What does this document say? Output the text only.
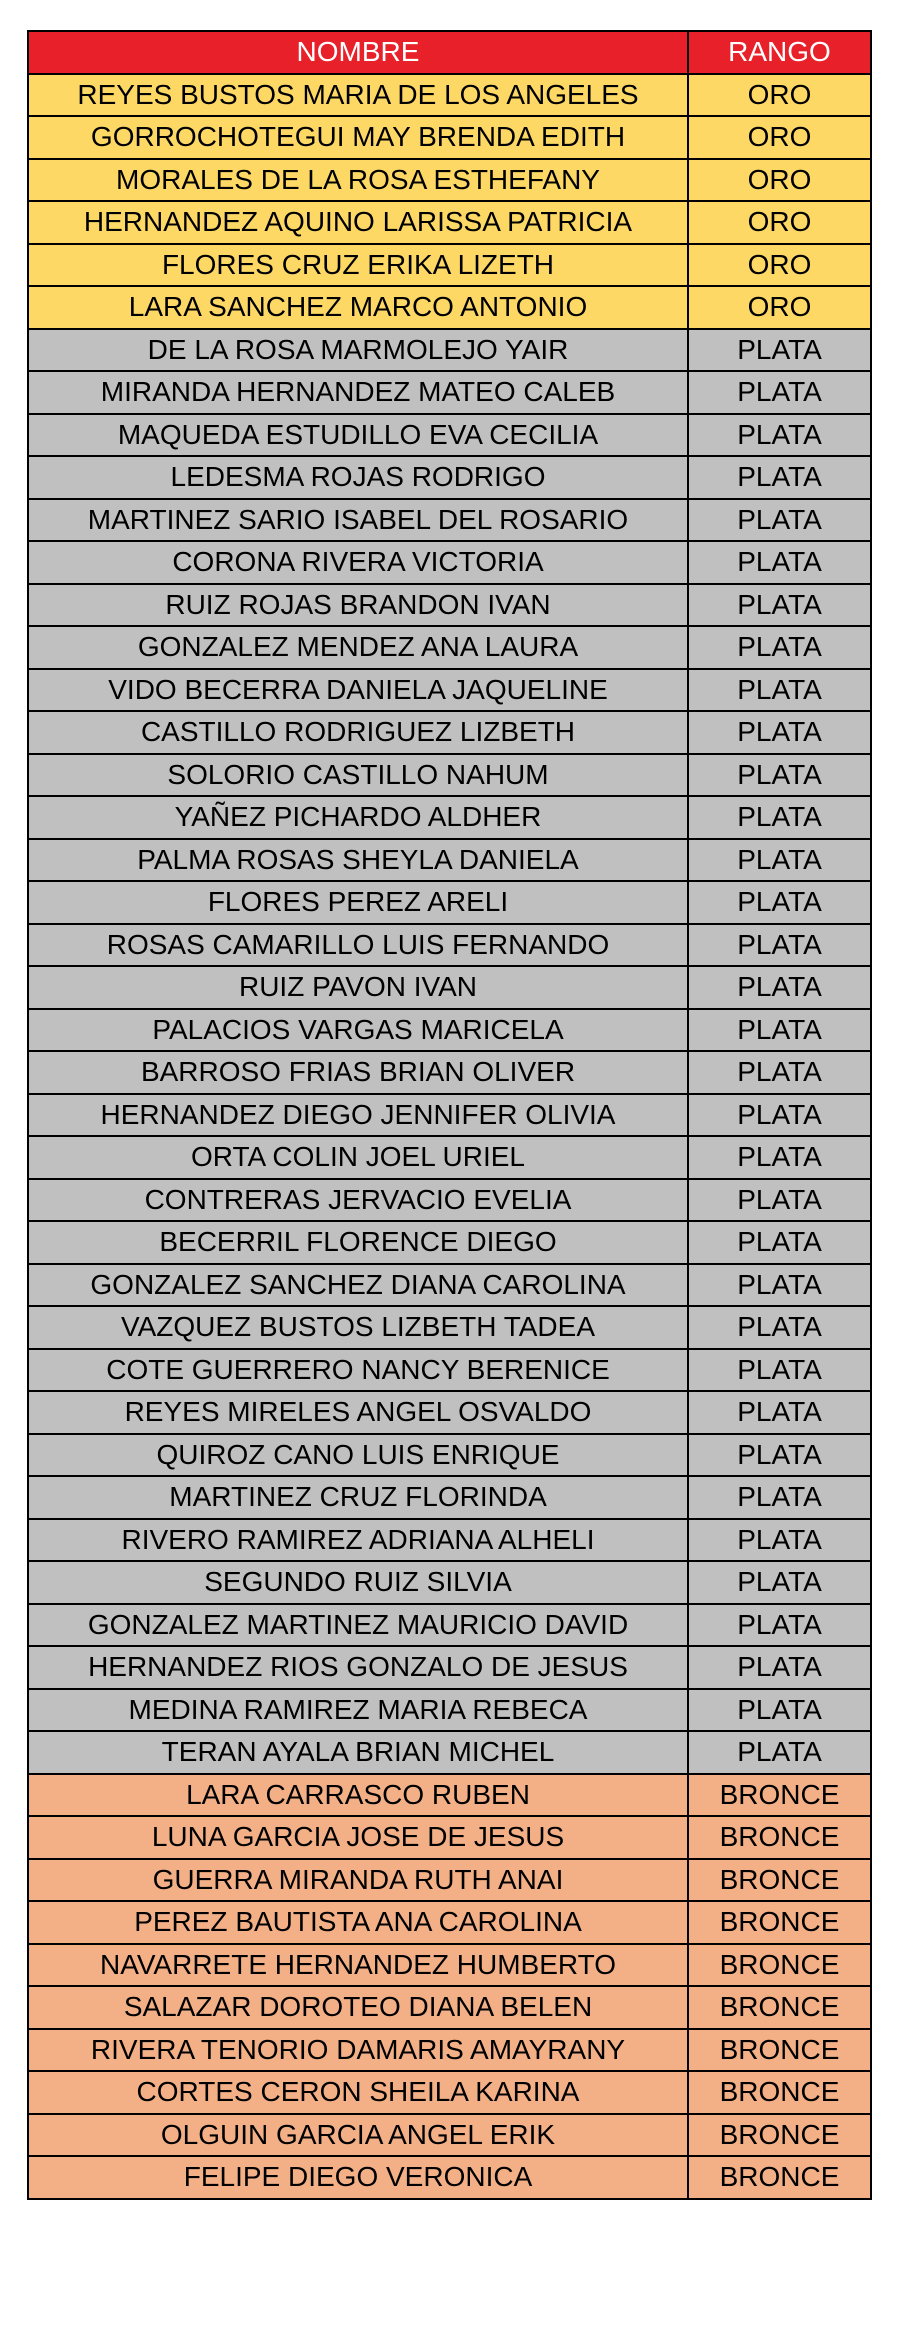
NOMBRE	RANGO
REYES BUSTOS MARIA DE LOS ANGELES	ORO
GORROCHOTEGUI MAY BRENDA EDITH	ORO
MORALES DE LA ROSA ESTHEFANY	ORO
HERNANDEZ AQUINO LARISSA PATRICIA	ORO
FLORES CRUZ ERIKA LIZETH	ORO
LARA SANCHEZ MARCO ANTONIO	ORO
DE LA ROSA MARMOLEJO YAIR	PLATA
MIRANDA HERNANDEZ MATEO CALEB	PLATA
MAQUEDA ESTUDILLO EVA CECILIA	PLATA
LEDESMA ROJAS RODRIGO	PLATA
MARTINEZ SARIO ISABEL DEL ROSARIO	PLATA
CORONA RIVERA VICTORIA	PLATA
RUIZ ROJAS BRANDON IVAN	PLATA
GONZALEZ MENDEZ ANA LAURA	PLATA
VIDO BECERRA DANIELA JAQUELINE	PLATA
CASTILLO RODRIGUEZ LIZBETH	PLATA
SOLORIO CASTILLO NAHUM	PLATA
YAÑEZ PICHARDO ALDHER	PLATA
PALMA ROSAS SHEYLA DANIELA	PLATA
FLORES PEREZ ARELI	PLATA
ROSAS CAMARILLO LUIS FERNANDO	PLATA
RUIZ PAVON IVAN	PLATA
PALACIOS VARGAS MARICELA	PLATA
BARROSO FRIAS BRIAN OLIVER	PLATA
HERNANDEZ DIEGO JENNIFER OLIVIA	PLATA
ORTA COLIN JOEL URIEL	PLATA
CONTRERAS JERVACIO EVELIA	PLATA
BECERRIL FLORENCE DIEGO	PLATA
GONZALEZ SANCHEZ DIANA CAROLINA	PLATA
VAZQUEZ BUSTOS LIZBETH TADEA	PLATA
COTE GUERRERO NANCY BERENICE	PLATA
REYES MIRELES ANGEL OSVALDO	PLATA
QUIROZ CANO LUIS ENRIQUE	PLATA
MARTINEZ CRUZ FLORINDA	PLATA
RIVERO RAMIREZ ADRIANA ALHELI	PLATA
SEGUNDO RUIZ SILVIA	PLATA
GONZALEZ MARTINEZ MAURICIO DAVID	PLATA
HERNANDEZ RIOS GONZALO DE JESUS	PLATA
MEDINA RAMIREZ MARIA REBECA	PLATA
TERAN AYALA BRIAN MICHEL	PLATA
LARA CARRASCO RUBEN	BRONCE
LUNA GARCIA JOSE DE JESUS	BRONCE
GUERRA MIRANDA RUTH ANAI	BRONCE
PEREZ BAUTISTA ANA CAROLINA	BRONCE
NAVARRETE HERNANDEZ HUMBERTO	BRONCE
SALAZAR DOROTEO DIANA BELEN	BRONCE
RIVERA TENORIO DAMARIS AMAYRANY	BRONCE
CORTES CERON SHEILA KARINA	BRONCE
OLGUIN GARCIA ANGEL ERIK	BRONCE
FELIPE DIEGO VERONICA	BRONCE
